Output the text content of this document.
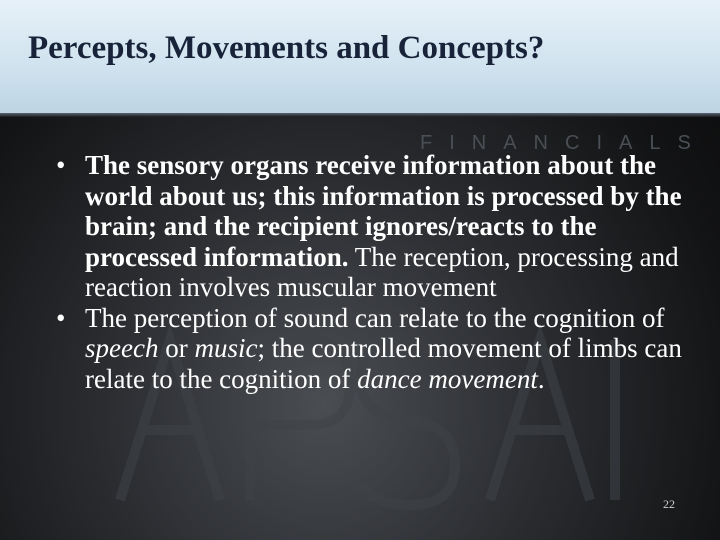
Percepts, Movements and Concepts?
FINANCIALS
• The sensory organs receive information about the world about us; this information is processed by the brain; and the recipient ignores/reacts to the processed information. The reception, processing and reaction involves muscular movement
• The perception of sound can relate to the cognition of speech or music; the controlled movement of limbs can relate to the cognition of dance movement.
22
